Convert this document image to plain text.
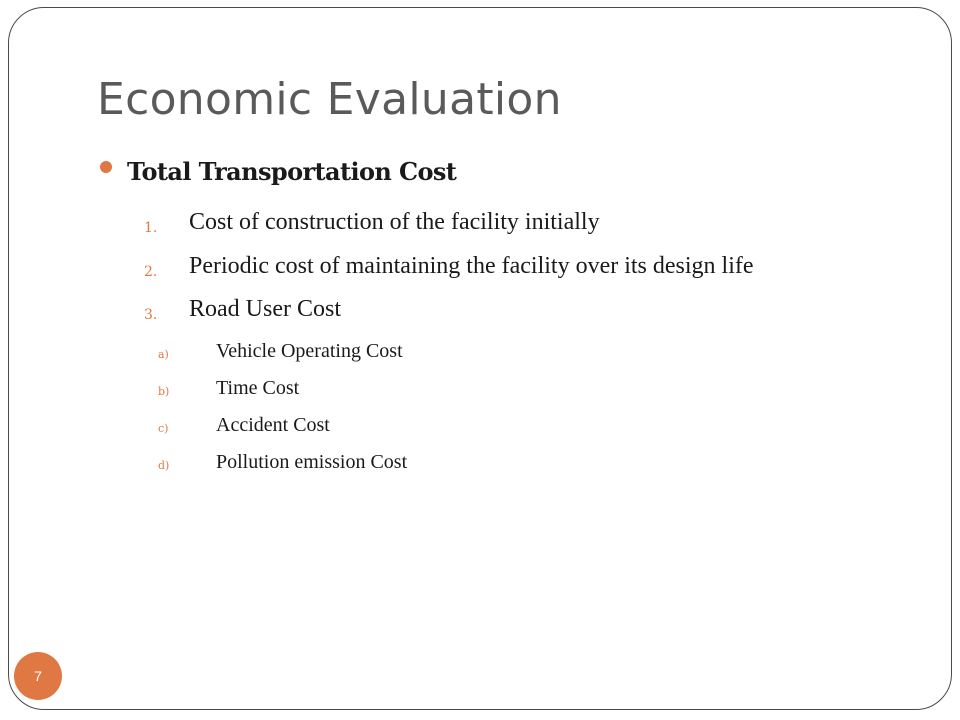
Economic Evaluation
Total Transportation Cost
1. Cost of construction of the facility initially
2. Periodic cost of maintaining the facility over its design life
3. Road User Cost
a) Vehicle Operating Cost
b) Time Cost
c) Accident Cost
d) Pollution emission Cost
7
